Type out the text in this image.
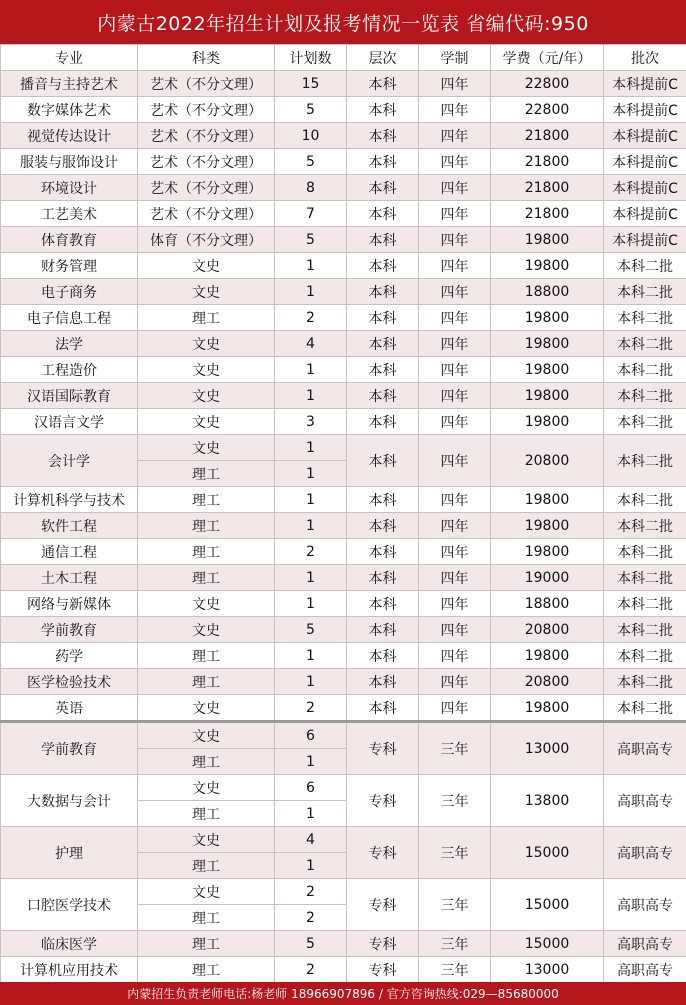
内蒙古2022年招生计划及报考情况一览表 省编代码:950
专业	科类	计划数	层次	学制	学费（元/年）	批次
播音与主持艺术	艺术（不分文理）	15	本科	四年	22800	本科提前C
数字媒体艺术	艺术（不分文理）	5	本科	四年	22800	本科提前C
视觉传达设计	艺术（不分文理）	10	本科	四年	21800	本科提前C
服装与服饰设计	艺术（不分文理）	5	本科	四年	21800	本科提前C
环境设计	艺术（不分文理）	8	本科	四年	21800	本科提前C
工艺美术	艺术（不分文理）	7	本科	四年	21800	本科提前C
体育教育	体育（不分文理）	5	本科	四年	19800	本科提前C
财务管理	文史	1	本科	四年	19800	本科二批
电子商务	文史	1	本科	四年	18800	本科二批
电子信息工程	理工	2	本科	四年	19800	本科二批
法学	文史	4	本科	四年	19800	本科二批
工程造价	文史	1	本科	四年	19800	本科二批
汉语国际教育	文史	1	本科	四年	19800	本科二批
汉语言文学	文史	3	本科	四年	19800	本科二批
会计学	文史	1	本科	四年	20800	本科二批
	理工	1				
计算机科学与技术	理工	1	本科	四年	19800	本科二批
软件工程	理工	1	本科	四年	19800	本科二批
通信工程	理工	2	本科	四年	19800	本科二批
土木工程	理工	1	本科	四年	19000	本科二批
网络与新媒体	文史	1	本科	四年	18800	本科二批
学前教育	文史	5	本科	四年	20800	本科二批
药学	理工	1	本科	四年	19800	本科二批
医学检验技术	理工	1	本科	四年	20800	本科二批
英语	文史	2	本科	四年	19800	本科二批
学前教育	文史	6	专科	三年	13000	高职高专
	理工	1				
大数据与会计	文史	6	专科	三年	13800	高职高专
	理工	1				
护理	文史	4	专科	三年	15000	高职高专
	理工	1				
口腔医学技术	文史	2	专科	三年	15000	高职高专
	理工	2				
临床医学	理工	5	专科	三年	15000	高职高专
计算机应用技术	理工	2	专科	三年	13000	高职高专
内蒙招生负责老师电话:杨老师 18966907896 / 官方咨询热线:029—85680000
